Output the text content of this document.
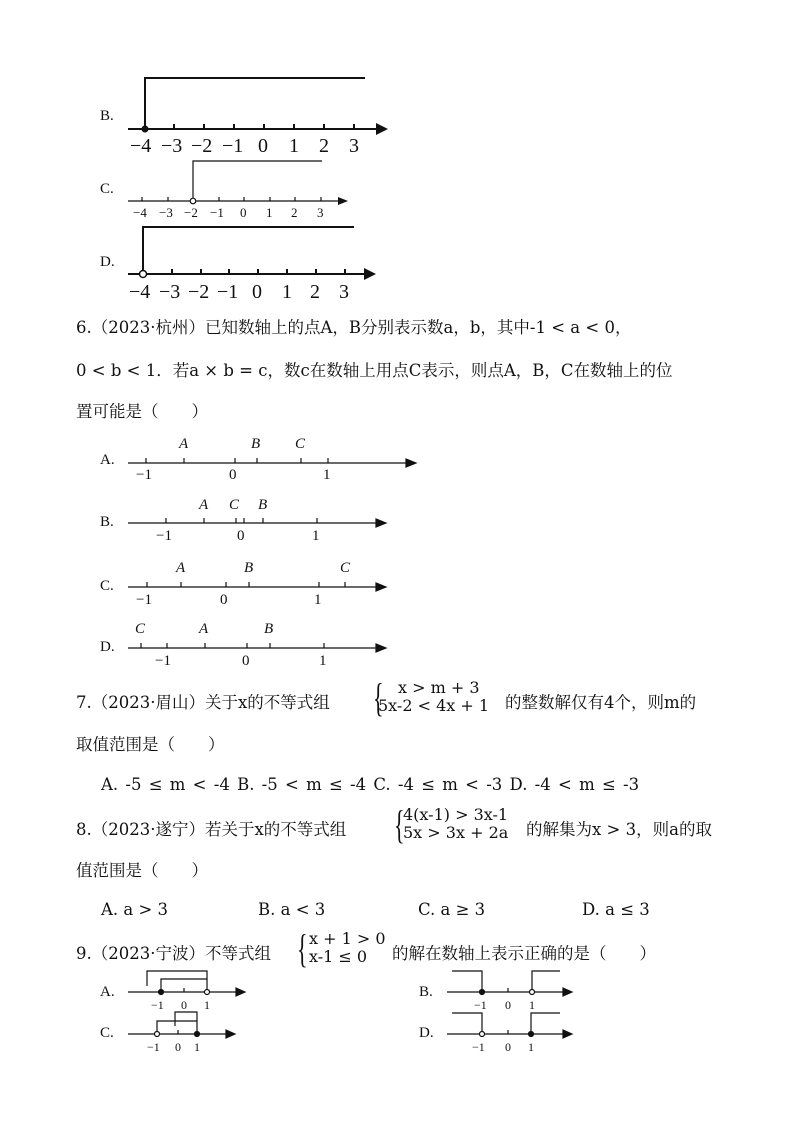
B.
−4 −3 −2 −1 0 1 2 3
C.
−4 −3 −2 −1 0 1 2 3
D.
−4 −3 −2 −1 0 1 2 3
6.（2023·杭州）已知数轴上的点A，B分别表示数a，b，其中-1 < a < 0，
0 < b < 1．若a × b = c，数c在数轴上用点C表示，则点A，B，C在数轴上的位
置可能是（　　）
A.
A	B C
−1	0	1
B.
A C B
−1	0	1
C.
A	B	C
−1	0	1
D.
C	A	B
−1	0	1
7.（2023·眉山）关于x的不等式组 { x > m + 3
5x-2 < 4x + 1 的整数解仅有4个，则m的
取值范围是（　　）
A. -5 ≤ m < -4 B. -5 < m ≤ -4 C. -4 ≤ m < -3 D. -4 < m ≤ -3
8.（2023·遂宁）若关于x的不等式组 {
4(x-1) > 3x-1
5x > 3x + 2a 的解集为x > 3，则a的取
值范围是（　　）
A. a > 3	B. a < 3	C. a ≥ 3	D. a ≤ 3
9.（2023·宁波）不等式组 { x + 1 > 0
x-1 ≤ 0 的解在数轴上表示正确的是（　　）
A.
−1 0 1
B.
−1 0 1
C.
−1 0 1
D.
−1 0 1
